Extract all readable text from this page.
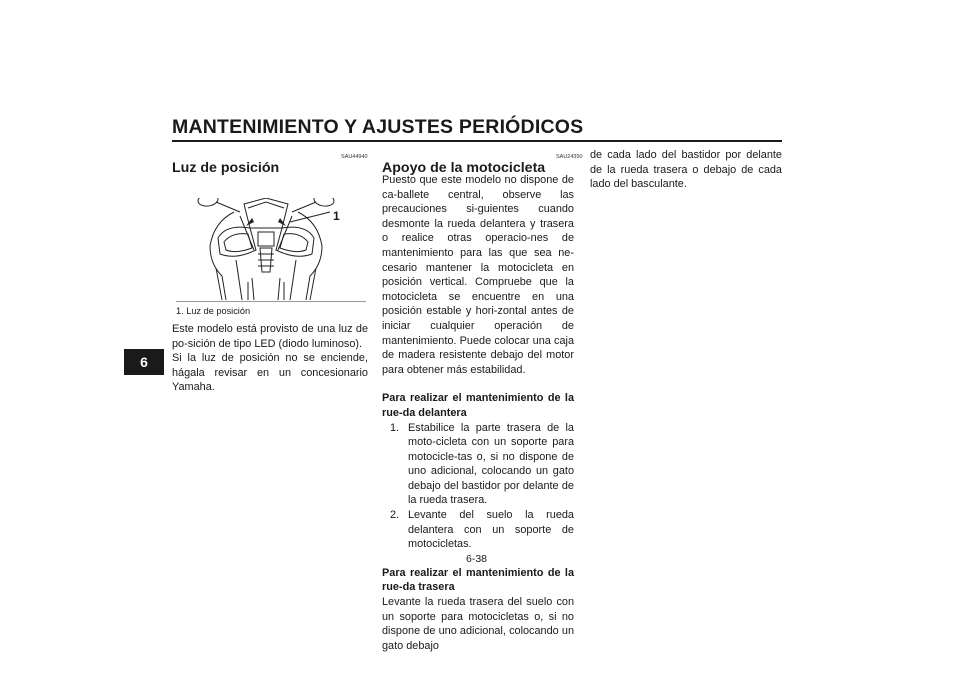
MANTENIMIENTO Y AJUSTES PERIÓDICOS
6
SAU44940
Luz de posición
1
1. Luz de posición

Este modelo está provisto de una luz de po-sición de tipo LED (diodo luminoso).

Si la luz de posición no se enciende, hágala revisar en un concesionario Yamaha.

SAU24350
Apoyo de la motocicleta

Puesto que este modelo no dispone de ca-ballete central, observe las precauciones si-guientes cuando desmonte la rueda delantera y trasera o realice otras operacio-nes de mantenimiento para las que sea ne-cesario mantener la motocicleta en posición vertical. Compruebe que la motocicleta se encuentre en una posición estable y hori-zontal antes de iniciar cualquier operación de mantenimiento. Puede colocar una caja de madera resistente debajo del motor para obtener más estabilidad.

Para realizar el mantenimiento de la rue-da delantera

1. Estabilice la parte trasera de la moto-cicleta con un soporte para motocicle-tas o, si no dispone de uno adicional, colocando un gato debajo del bastidor por delante de la rueda trasera.
2. Levante del suelo la rueda delantera con un soporte de motocicletas.

Para realizar el mantenimiento de la rue-da trasera

Levante la rueda trasera del suelo con un soporte para motocicletas o, si no dispone de uno adicional, colocando un gato debajo

de cada lado del bastidor por delante de la rueda trasera o debajo de cada lado del basculante.

6-38
